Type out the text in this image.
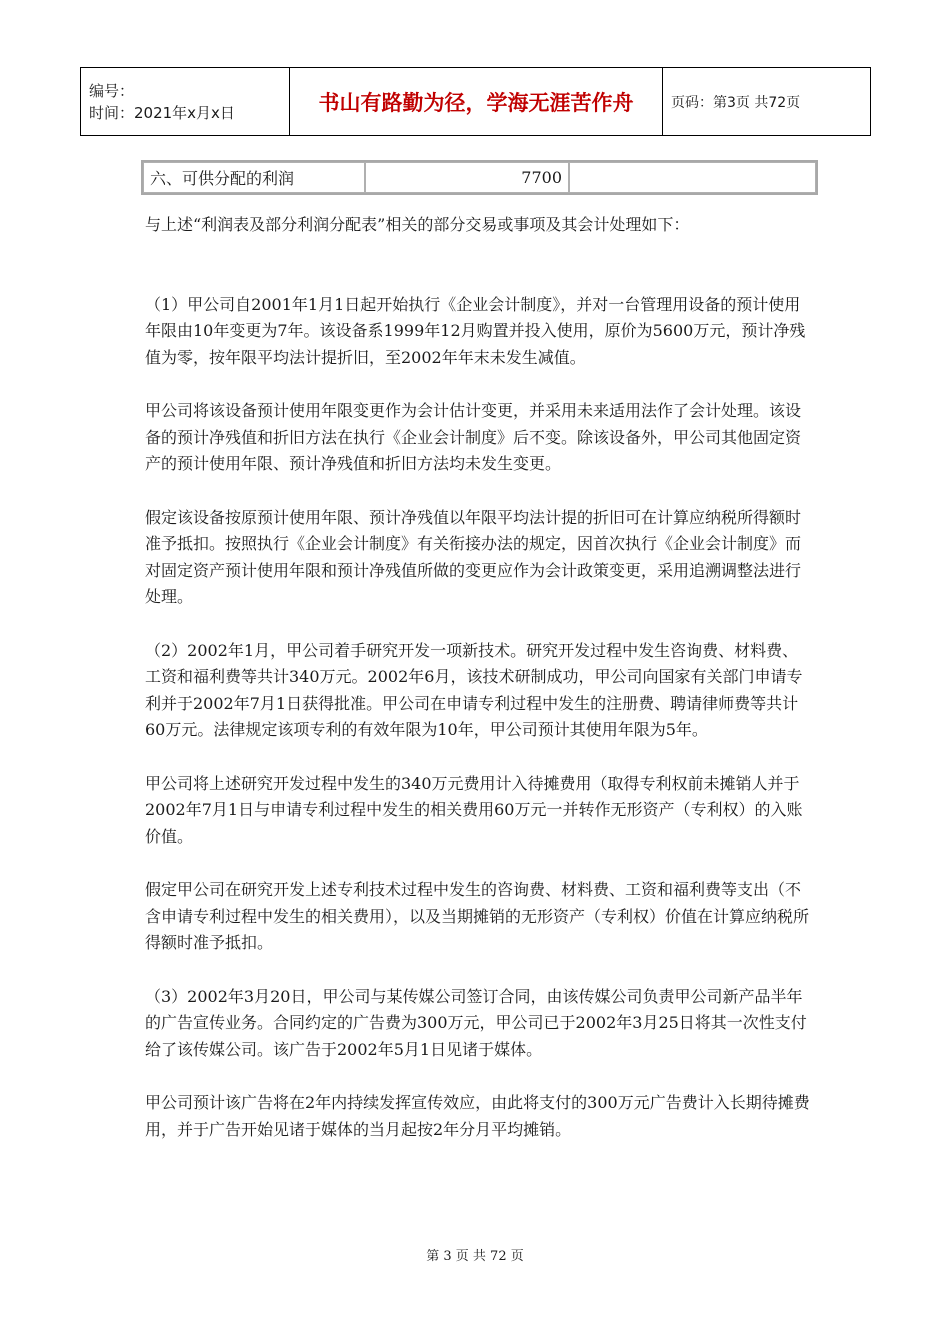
编号：
时间：2021年x月x日	书山有路勤为径，学海无涯苦作舟	页码：第3页 共72页
六、可供分配的利润	7700	

与上述“利润表及部分利润分配表”相关的部分交易或事项及其会计处理如下：

（1）甲公司自2001年1月1日起开始执行《企业会计制度》，并对一台管理用设备的预计使用年限由10年变更为7年。该设备系1999年12月购置并投入使用，原价为5600万元，预计净残值为零，按年限平均法计提折旧，至2002年年末未发生减值。

甲公司将该设备预计使用年限变更作为会计估计变更，并采用未来适用法作了会计处理。该设备的预计净残值和折旧方法在执行《企业会计制度》后不变。除该设备外，甲公司其他固定资产的预计使用年限、预计净残值和折旧方法均未发生变更。

假定该设备按原预计使用年限、预计净残值以年限平均法计提的折旧可在计算应纳税所得额时准予抵扣。按照执行《企业会计制度》有关衔接办法的规定，因首次执行《企业会计制度》而对固定资产预计使用年限和预计净残值所做的变更应作为会计政策变更，采用追溯调整法进行处理。

（2）2002年1月，甲公司着手研究开发一项新技术。研究开发过程中发生咨询费、材料费、工资和福利费等共计340万元。2002年6月，该技术研制成功，甲公司向国家有关部门申请专利并于2002年7月1日获得批准。甲公司在申请专利过程中发生的注册费、聘请律师费等共计60万元。法律规定该项专利的有效年限为10年，甲公司预计其使用年限为5年。

甲公司将上述研究开发过程中发生的340万元费用计入待摊费用（取得专利权前未摊销人并于2002年7月1日与申请专利过程中发生的相关费用60万元一并转作无形资产（专利权）的入账价值。

假定甲公司在研究开发上述专利技术过程中发生的咨询费、材料费、工资和福利费等支出（不含申请专利过程中发生的相关费用），以及当期摊销的无形资产（专利权）价值在计算应纳税所得额时准予抵扣。

（3）2002年3月20日，甲公司与某传媒公司签订合同，由该传媒公司负责甲公司新产品半年的广告宣传业务。合同约定的广告费为300万元，甲公司已于2002年3月25日将其一次性支付给了该传媒公司。该广告于2002年5月1日见诸于媒体。

甲公司预计该广告将在2年内持续发挥宣传效应，由此将支付的300万元广告费计入长期待摊费用，并于广告开始见诸于媒体的当月起按2年分月平均摊销。

第 3 页 共 72 页
